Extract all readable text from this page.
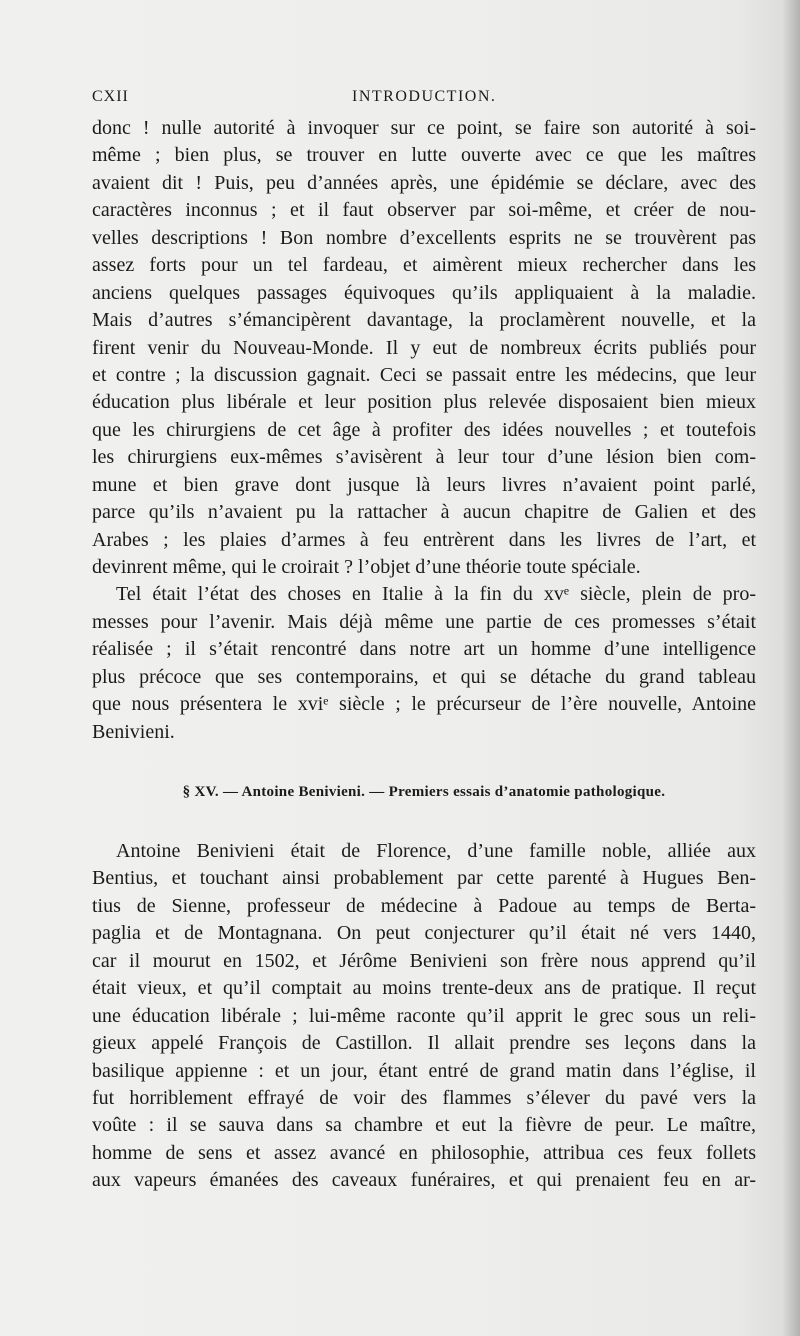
CXII	INTRODUCTION.
donc ! nulle autorité à invoquer sur ce point, se faire son autorité à soi-
même ; bien plus, se trouver en lutte ouverte avec ce que les maîtres
avaient dit ! Puis, peu d’années après, une épidémie se déclare, avec des
caractères inconnus ; et il faut observer par soi-même, et créer de nou-
velles descriptions ! Bon nombre d’excellents esprits ne se trouvèrent pas
assez forts pour un tel fardeau, et aimèrent mieux rechercher dans les
anciens quelques passages équivoques qu’ils appliquaient à la maladie.
Mais d’autres s’émancipèrent davantage, la proclamèrent nouvelle, et la
firent venir du Nouveau-Monde. Il y eut de nombreux écrits publiés pour
et contre ; la discussion gagnait. Ceci se passait entre les médecins, que leur
éducation plus libérale et leur position plus relevée disposaient bien mieux
que les chirurgiens de cet âge à profiter des idées nouvelles ; et toutefois
les chirurgiens eux-mêmes s’avisèrent à leur tour d’une lésion bien com-
mune et bien grave dont jusque là leurs livres n’avaient point parlé,
parce qu’ils n’avaient pu la rattacher à aucun chapitre de Galien et des
Arabes ; les plaies d’armes à feu entrèrent dans les livres de l’art, et
devinrent même, qui le croirait ? l’objet d’une théorie toute spéciale.
Tel était l’état des choses en Italie à la fin du xvᵉ siècle, plein de pro-
messes pour l’avenir. Mais déjà même une partie de ces promesses s’était
réalisée ; il s’était rencontré dans notre art un homme d’une intelligence
plus précoce que ses contemporains, et qui se détache du grand tableau
que nous présentera le xviᵉ siècle ; le précurseur de l’ère nouvelle, Antoine
Benivieni.
§ XV. — Antoine Benivieni. — Premiers essais d’anatomie pathologique.
Antoine Benivieni était de Florence, d’une famille noble, alliée aux
Bentius, et touchant ainsi probablement par cette parenté à Hugues Ben-
tius de Sienne, professeur de médecine à Padoue au temps de Berta-
paglia et de Montagnana. On peut conjecturer qu’il était né vers 1440,
car il mourut en 1502, et Jérôme Benivieni son frère nous apprend qu’il
était vieux, et qu’il comptait au moins trente-deux ans de pratique. Il reçut
une éducation libérale ; lui-même raconte qu’il apprit le grec sous un reli-
gieux appelé François de Castillon. Il allait prendre ses leçons dans la
basilique appienne : et un jour, étant entré de grand matin dans l’église, il
fut horriblement effrayé de voir des flammes s’élever du pavé vers la
voûte : il se sauva dans sa chambre et eut la fièvre de peur. Le maître,
homme de sens et assez avancé en philosophie, attribua ces feux follets
aux vapeurs émanées des caveaux funéraires, et qui prenaient feu en ar-
